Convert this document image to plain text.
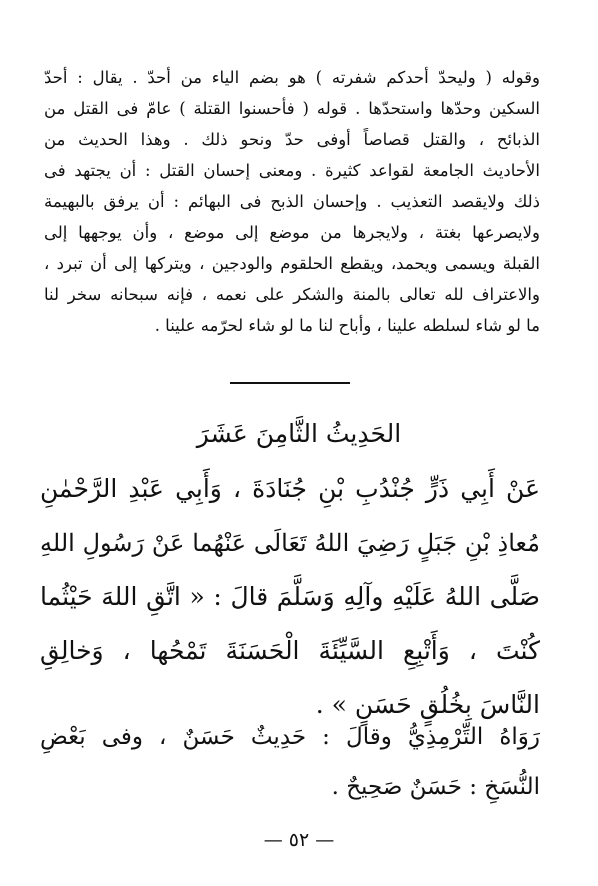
وقوله ( وليحدّ أحدكم شفرته ) هو بضم الياء من أحدّ . يقال : أحدّ
السكين وحدّها واستحدّها . قوله ( فأحسنوا القتلة ) عامّ فى القتل من
الذبائح ، والقتل قصاصاً أوفى حدّ ونحو ذلك . وهذا الحديث من
الأحاديث الجامعة لقواعد كثيرة . ومعنى إحسان القتل : أن يجتهد فى
ذلك ولايقصد التعذيب . وإحسان الذبح فى البهائم : أن يرفق بالبهيمة
ولايصرعها بغتة ، ولايجرها من موضع إلى موضع ، وأن يوجهها إلى
القبلة ويسمى ويحمد، ويقطع الحلقوم والودجين ، ويتركها إلى أن تبرد ،
والاعتراف لله تعالى بالمنة والشكر على نعمه ، فإنه سبحانه سخر لنا
ما لو شاء لسلطه علينا ، وأباح لنا ما لو شاء لحرّمه علينا .
الحَدِيثُ الثَّامِنَ عَشَرَ
عَنْ أَبِي ذَرٍّ جُنْدُبِ بْنِ جُنَادَةَ ، وَأَبِي عَبْدِ الرَّحْمٰنِ
مُعاذِ بْنِ جَبَلٍ رَضِيَ اللهُ تَعَالَى عَنْهُما عَنْ رَسُولِ اللهِ
صَلَّى اللهُ عَلَيْهِ وآلِهِ وَسَلَّمَ قالَ : « اتَّقِ اللهَ حَيْثُما
كُنْتَ ، وَأَتْبِعِ السَّيِّئَةَ الْحَسَنَةَ تَمْحُها ، وَخالِقِ
النَّاسَ بِخُلُقٍ حَسَنٍ » .
رَوَاهُ التِّرْمِذِيُّ وقالَ : حَدِيثٌ حَسَنٌ ، وفى بَعْضِ
النُّسَخِ : حَسَنٌ صَحِيحٌ .
— ٥٢ —
